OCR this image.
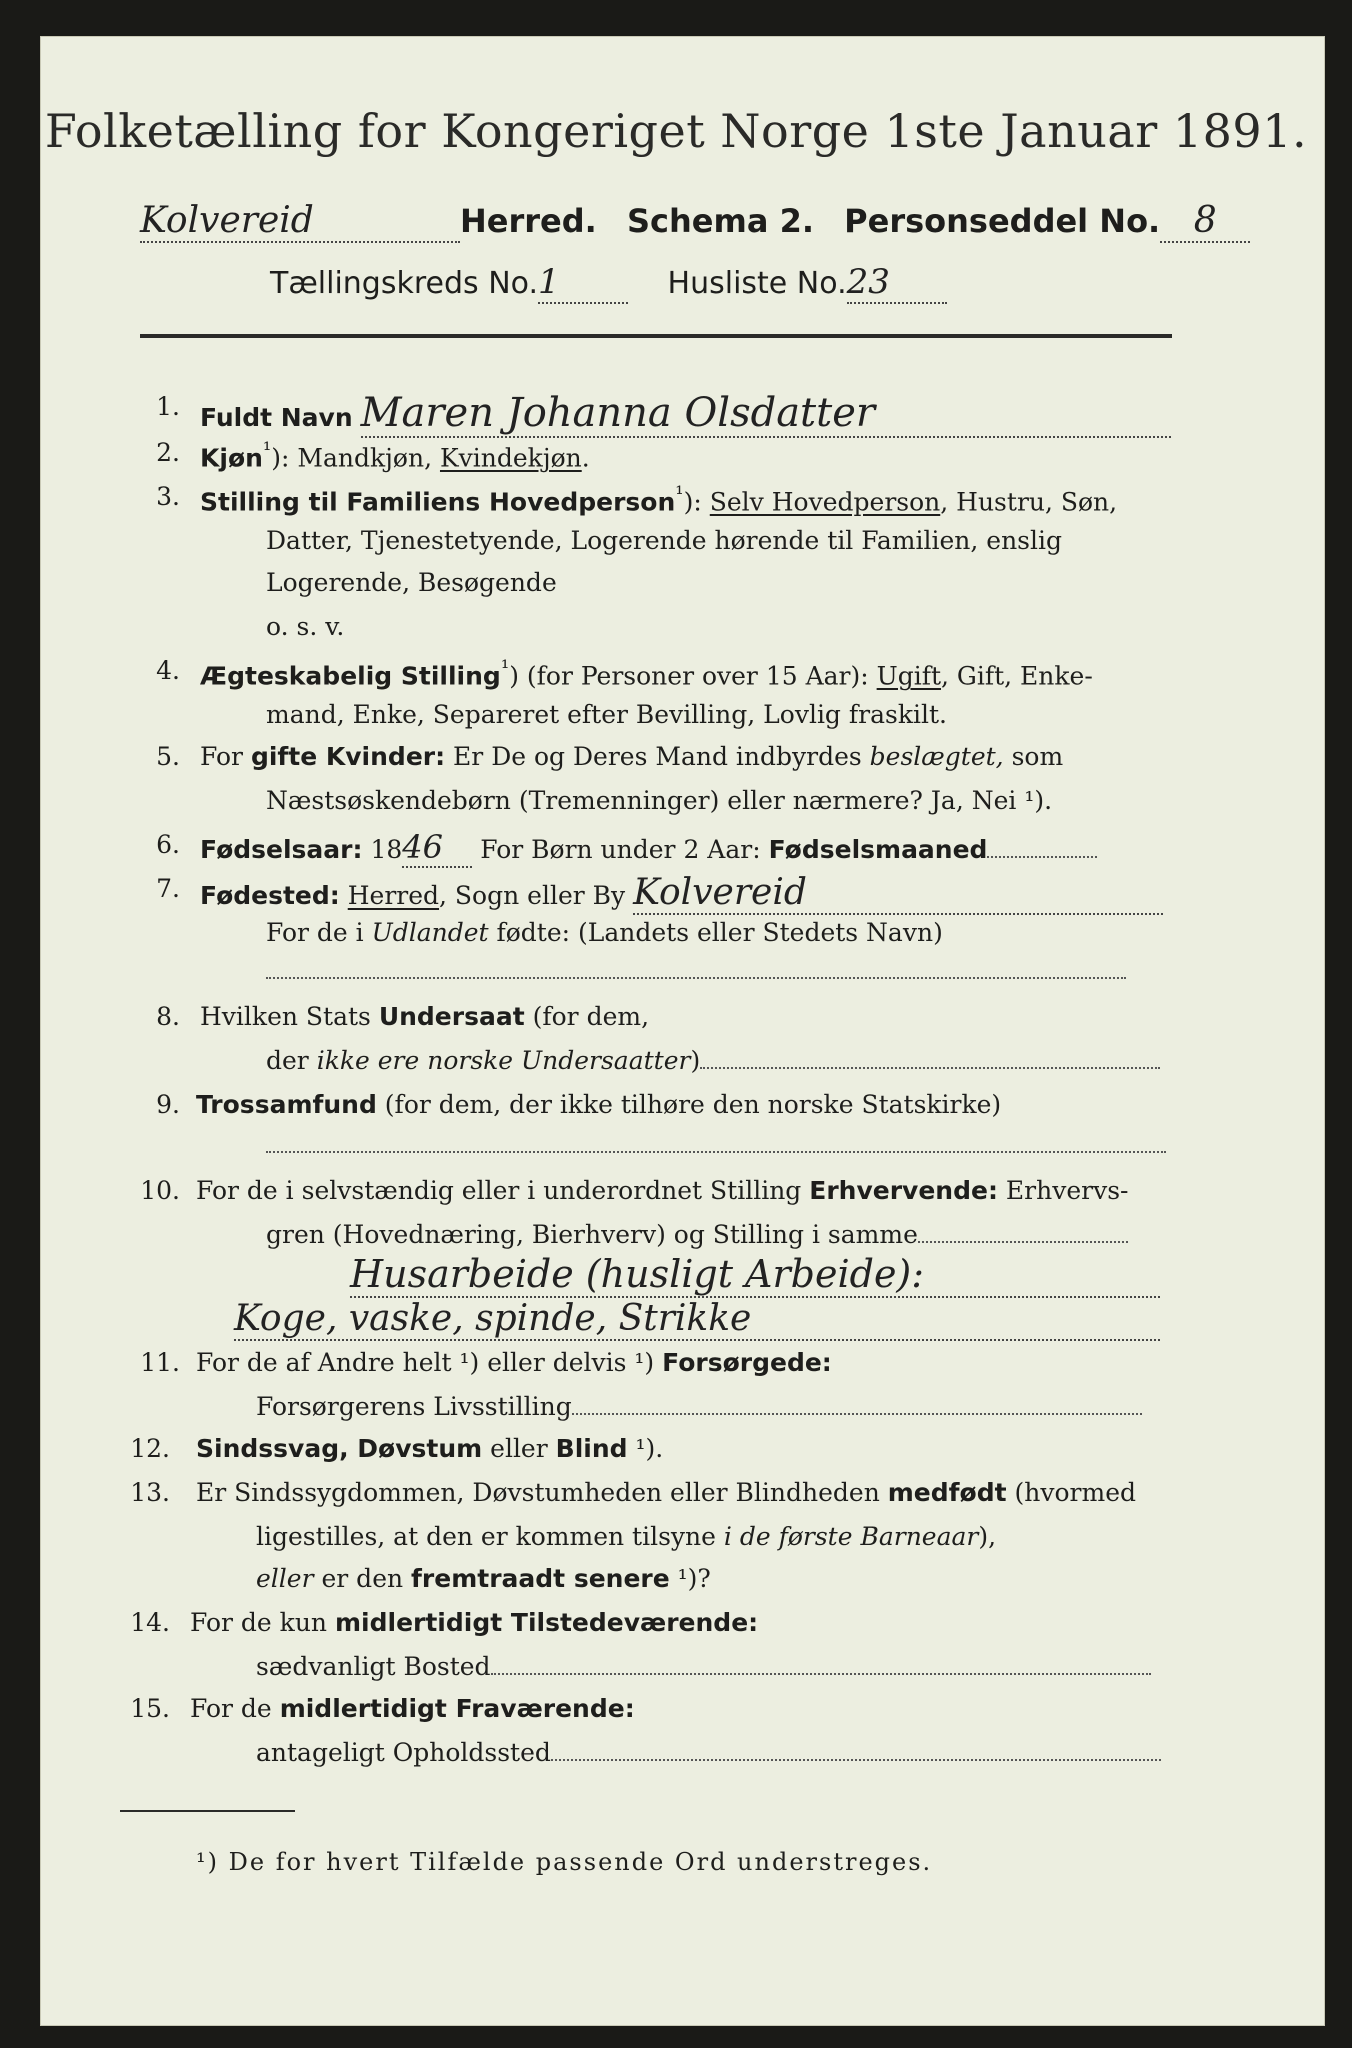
Folketælling for Kongeriget Norge 1ste Januar 1891.
Kolvereid	Herred. Schema 2. Personseddel No. 8
Tællingskreds No.1	Husliste No.23
1. Fuldt Navn Maren Johanna Olsdatter
2. Kjøn$^{^1}$): Mandkjøn, Kvindekjøn.
3. Stilling til Familiens Hovedperson$^{^1}$): Selv Hovedperson, Hustru, Søn,
Datter, Tjenestetyende, Logerende hørende til Familien, enslig
Logerende, Besøgende
o. s. v.
4. Ægteskabelig Stilling$^{^1}$) (for Personer over 15 Aar): Ugift, Gift, Enke-
mand, Enke, Separeret efter Bevilling, Lovlig fraskilt.
5. For gifte Kvinder: Er De og Deres Mand indbyrdes beslægtet, som
Næstsøskendebørn (Tremenninger) eller nærmere? Ja, Nei ¹).
6. Fødselsaar: 1846 For Børn under 2 Aar: Fødselsmaaned
7. Fødested: Herred, Sogn eller By Kolvereid
For de i Udlandet fødte: (Landets eller Stedets Navn)
8. Hvilken Stats Undersaat (for dem,
der ikke ere norske Undersaatter)
9. Trossamfund (for dem, der ikke tilhøre den norske Statskirke)
10. For de i selvstændig eller i underordnet Stilling Erhvervende: Erhvervs-
gren (Hovednæring, Bierhverv) og Stilling i samme
Husarbeide (husligt Arbeide):
Koge, vaske, spinde, Strikke
11. For de af Andre helt ¹) eller delvis ¹) Forsørgede:
Forsørgerens Livsstilling
12. Sindssvag, Døvstum eller Blind ¹).
13. Er Sindssygdommen, Døvstumheden eller Blindheden medfødt (hvormed
ligestilles, at den er kommen tilsyne i de første Barneaar),
eller er den fremtraadt senere ¹)?
14. For de kun midlertidigt Tilstedeværende:
sædvanligt Bosted
15. For de midlertidigt Fraværende:
antageligt Opholdssted
¹) De for hvert Tilfælde passende Ord understreges.
